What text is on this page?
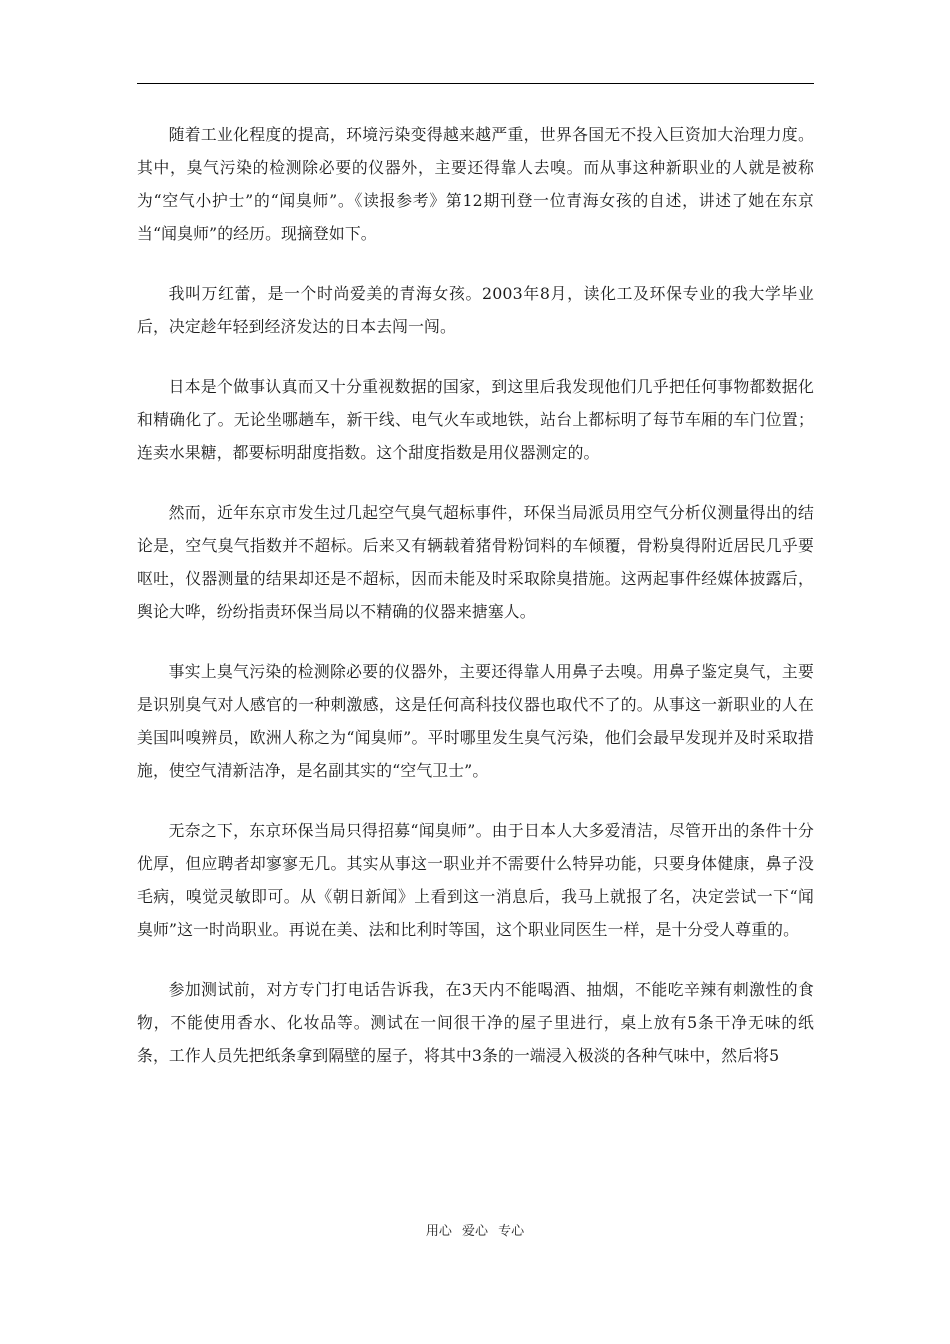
随着工业化程度的提高，环境污染变得越来越严重，世界各国无不投入巨资加大治理力度。其中，臭气污染的检测除必要的仪器外，主要还得靠人去嗅。而从事这种新职业的人就是被称为“空气小护士”的“闻臭师”。《读报参考》第12期刊登一位青海女孩的自述，讲述了她在东京当“闻臭师”的经历。现摘登如下。

我叫万红蕾，是一个时尚爱美的青海女孩。2003年8月，读化工及环保专业的我大学毕业后，决定趁年轻到经济发达的日本去闯一闯。

日本是个做事认真而又十分重视数据的国家，到这里后我发现他们几乎把任何事物都数据化和精确化了。无论坐哪趟车，新干线、电气火车或地铁，站台上都标明了每节车厢的车门位置；连卖水果糖，都要标明甜度指数。这个甜度指数是用仪器测定的。

然而，近年东京市发生过几起空气臭气超标事件，环保当局派员用空气分析仪测量得出的结论是，空气臭气指数并不超标。后来又有辆载着猪骨粉饲料的车倾覆，骨粉臭得附近居民几乎要呕吐，仪器测量的结果却还是不超标，因而未能及时采取除臭措施。这两起事件经媒体披露后，舆论大哗，纷纷指责环保当局以不精确的仪器来搪塞人。

事实上臭气污染的检测除必要的仪器外，主要还得靠人用鼻子去嗅。用鼻子鉴定臭气，主要是识别臭气对人感官的一种刺激感，这是任何高科技仪器也取代不了的。从事这一新职业的人在美国叫嗅辨员，欧洲人称之为“闻臭师”。平时哪里发生臭气污染，他们会最早发现并及时采取措施，使空气清新洁净，是名副其实的“空气卫士”。

无奈之下，东京环保当局只得招募“闻臭师”。由于日本人大多爱清洁，尽管开出的条件十分优厚，但应聘者却寥寥无几。其实从事这一职业并不需要什么特异功能，只要身体健康，鼻子没毛病，嗅觉灵敏即可。从《朝日新闻》上看到这一消息后，我马上就报了名，决定尝试一下“闻臭师”这一时尚职业。再说在美、法和比利时等国，这个职业同医生一样，是十分受人尊重的。

参加测试前，对方专门打电话告诉我，在3天内不能喝酒、抽烟，不能吃辛辣有刺激性的食物，不能使用香水、化妆品等。测试在一间很干净的屋子里进行，桌上放有5条干净无味的纸条，工作人员先把纸条拿到隔壁的屋子，将其中3条的一端浸入极淡的各种气味中，然后将5

用心 爱心 专心
